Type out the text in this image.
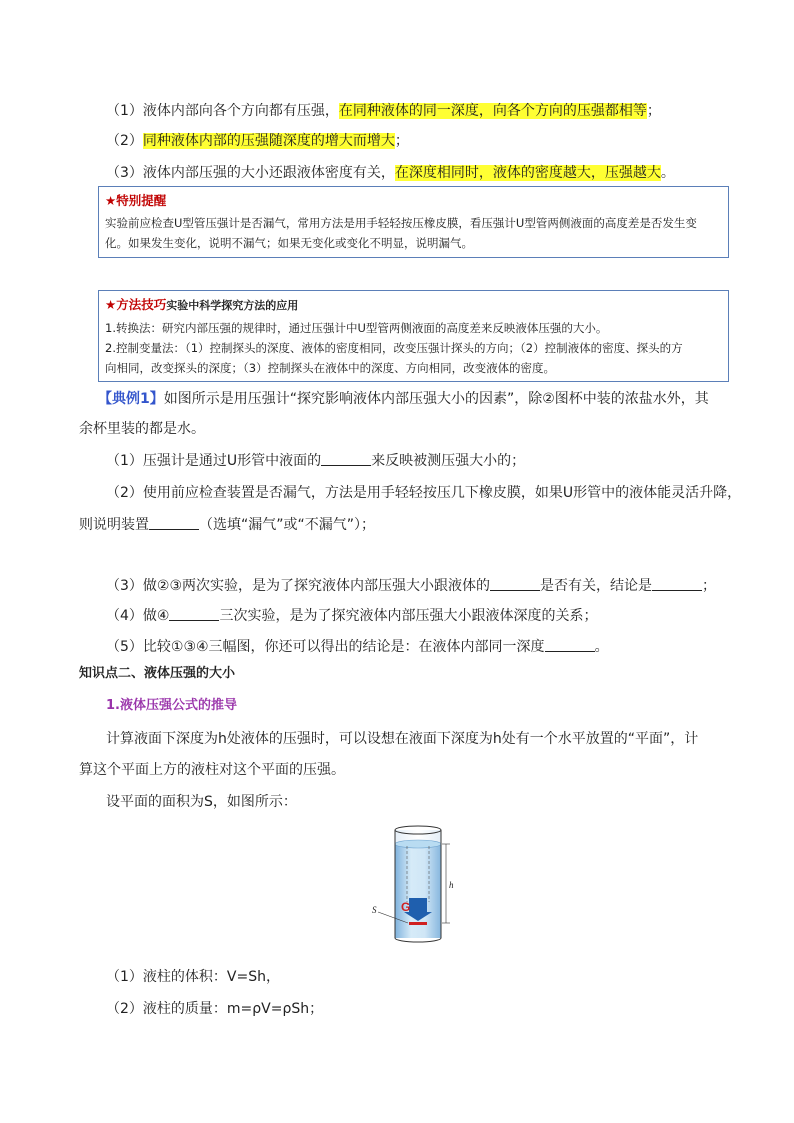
（1）液体内部向各个方向都有压强，在同种液体的同一深度，向各个方向的压强都相等；
（2）同种液体内部的压强随深度的增大而增大；
（3）液体内部压强的大小还跟液体密度有关，在深度相同时，液体的密度越大，压强越大。
★特别提醒
实验前应检查U型管压强计是否漏气，常用方法是用手轻轻按压橡皮膜，看压强计U型管两侧液面的高度差是否发生变
化。如果发生变化，说明不漏气；如果无变化或变化不明显，说明漏气。
★方法技巧实验中科学探究方法的应用
1.转换法：研究内部压强的规律时，通过压强计中U型管两侧液面的高度差来反映液体压强的大小。
2.控制变量法：（1）控制探头的深度、液体的密度相同，改变压强计探头的方向；（2）控制液体的密度、探头的方
向相同，改变探头的深度；（3）控制探头在液体中的深度、方向相同，改变液体的密度。
【典例1】如图所示是用压强计“探究影响液体内部压强大小的因素”，除②图杯中装的浓盐水外，其
余杯里装的都是水。
（1）压强计是通过U形管中液面的	来反映被测压强大小的；
（2）使用前应检查装置是否漏气，方法是用手轻轻按压几下橡皮膜，如果U形管中的液体能灵活升降，
则说明装置	（选填“漏气”或“不漏气”）；
（3）做②③两次实验，是为了探究液体内部压强大小跟液体的	是否有关，结论是	；
（4）做④	三次实验，是为了探究液体内部压强大小跟液体深度的关系；
（5）比较①③④三幅图，你还可以得出的结论是：在液体内部同一深度	。
知识点二、液体压强的大小
1.液体压强公式的推导
计算液面下深度为h处液体的压强时，可以设想在液面下深度为h处有一个水平放置的“平面”，计
算这个平面上方的液柱对这个平面的压强。
设平面的面积为S，如图所示：
G
h
S
（1）液柱的体积：V=Sh，
（2）液柱的质量：m=ρV=ρSh；
